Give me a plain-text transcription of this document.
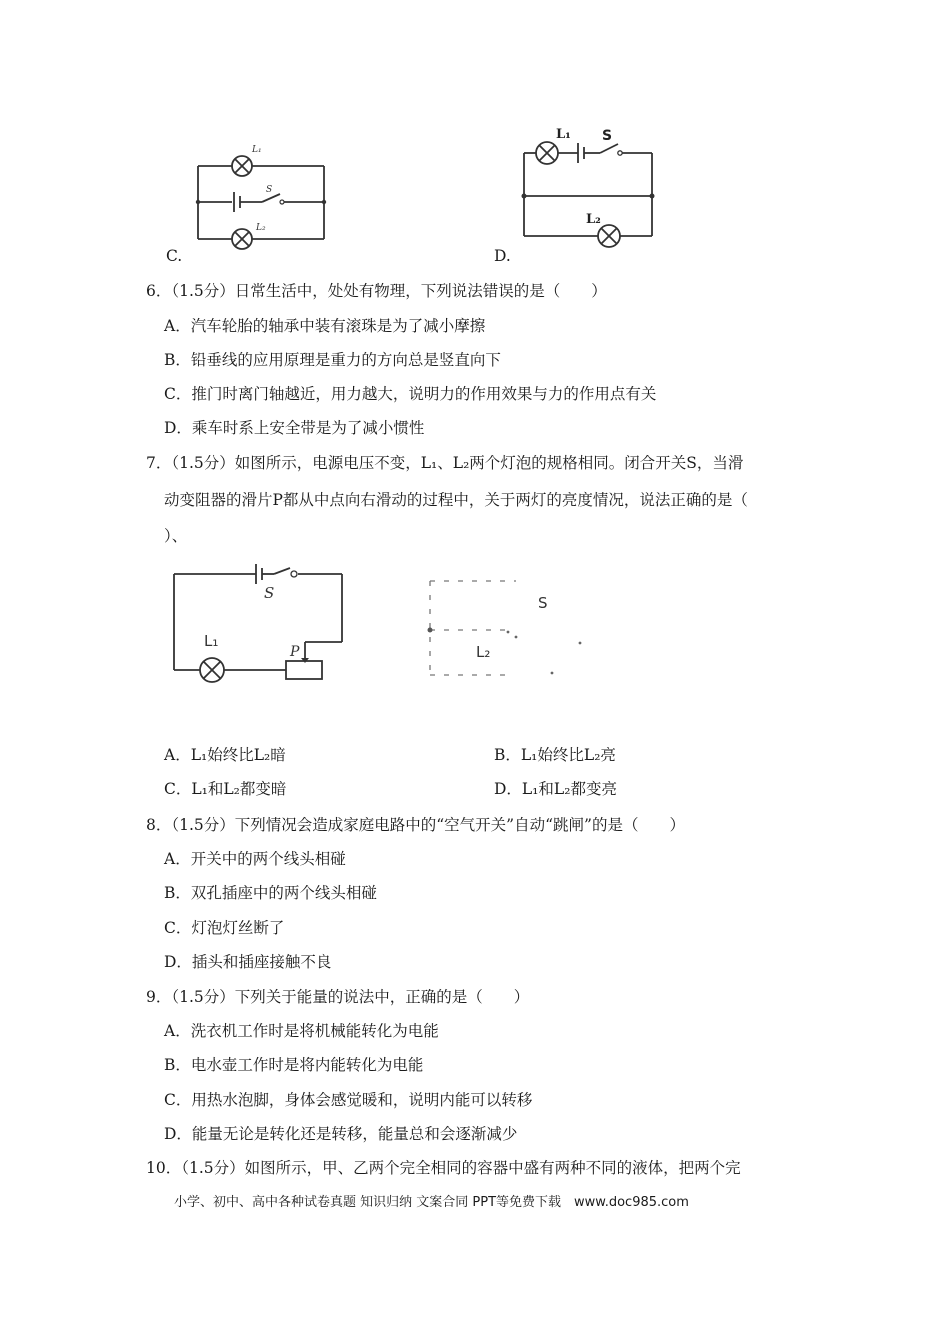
L₁
S
L₂
C.
L₁ S
L₂
D.
6．（1.5分）日常生活中，处处有物理，下列说法错误的是（　　）
A．汽车轮胎的轴承中装有滚珠是为了减小摩擦
B．铅垂线的应用原理是重力的方向总是竖直向下
C．推门时离门轴越近，用力越大，说明力的作用效果与力的作用点有关
D．乘车时系上安全带是为了减小惯性
7．（1.5分）如图所示，电源电压不变，L₁、L₂两个灯泡的规格相同。闭合开关S，当滑
动变阻器的滑片P都从中点向右滑动的过程中，关于两灯的亮度情况，说法正确的是（
）、
S
L₁
P
S
L₂
A．L₁始终比L₂暗	B．L₁始终比L₂亮
C．L₁和L₂都变暗	D．L₁和L₂都变亮
8．（1.5分）下列情况会造成家庭电路中的“空气开关”自动“跳闸”的是（　　）
A．开关中的两个线头相碰
B．双孔插座中的两个线头相碰
C．灯泡灯丝断了
D．插头和插座接触不良
9．（1.5分）下列关于能量的说法中，正确的是（　　）
A．洗衣机工作时是将机械能转化为电能
B．电水壶工作时是将内能转化为电能
C．用热水泡脚，身体会感觉暖和，说明内能可以转移
D．能量无论是转化还是转移，能量总和会逐渐减少
10．（1.5分）如图所示，甲、乙两个完全相同的容器中盛有两种不同的液体，把两个完
小学、初中、高中各种试卷真题 知识归纳 文案合同 PPT等免费下载　www.doc985.com
